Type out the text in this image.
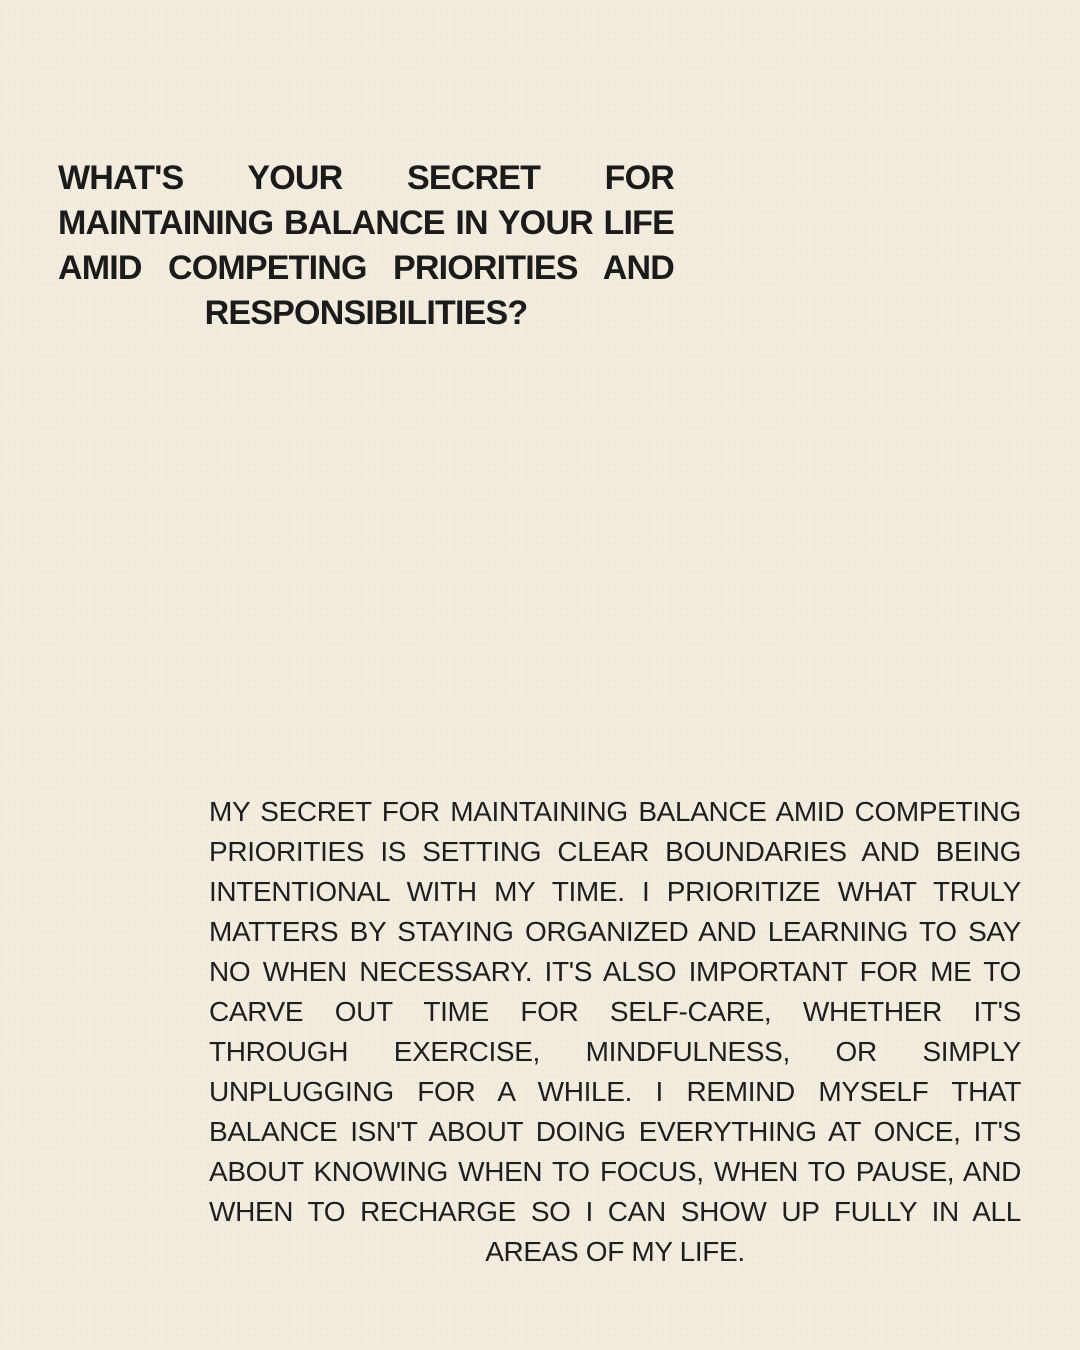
WHAT'S YOUR SECRET FOR MAINTAINING BALANCE IN YOUR LIFE AMID COMPETING PRIORITIES AND RESPONSIBILITIES?

MY SECRET FOR MAINTAINING BALANCE AMID COMPETING PRIORITIES IS SETTING CLEAR BOUNDARIES AND BEING INTENTIONAL WITH MY TIME. I PRIORITIZE WHAT TRULY MATTERS BY STAYING ORGANIZED AND LEARNING TO SAY NO WHEN NECESSARY. IT'S ALSO IMPORTANT FOR ME TO CARVE OUT TIME FOR SELF-CARE, WHETHER IT'S THROUGH EXERCISE, MINDFULNESS, OR SIMPLY UNPLUGGING FOR A WHILE. I REMIND MYSELF THAT BALANCE ISN'T ABOUT DOING EVERYTHING AT ONCE, IT'S ABOUT KNOWING WHEN TO FOCUS, WHEN TO PAUSE, AND WHEN TO RECHARGE SO I CAN SHOW UP FULLY IN ALL AREAS OF MY LIFE.
